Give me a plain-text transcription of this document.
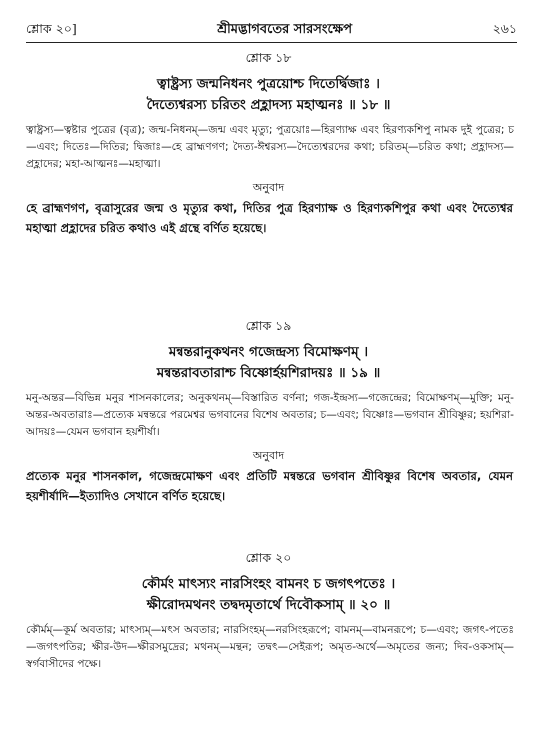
শ্লোক ২০]	শ্রীমদ্ভাগবতের সারসংক্ষেপ	২৬১
শ্লোক ১৮
ত্বাষ্ট্রস্য জন্মনিধনং পুত্রয়োশ্চ দিতের্দ্বিজাঃ ।
দৈত্যেশ্বরস্য চরিতং প্রহ্লাদস্য মহাত্মনঃ ॥ ১৮ ॥
ত্বাষ্ট্রস্য—ত্বষ্টার পুত্রের (বৃত্র); জন্ম-নিধনম্—জন্ম এবং মৃত্যু; পুত্রয়োঃ—হিরণ্যাক্ষ এবং হিরণ্যকশিপু নামক দুই পুত্রের; চ—এবং; দিতেঃ—দিতির; দ্বিজাঃ—হে ব্রাহ্মণগণ; দৈত্য-ঈশ্বরস্য—দৈত্যেশ্বরদের কথা; চরিতম্—চরিত কথা; প্রহ্লাদস্য—প্রহ্লাদের; মহা-আত্মনঃ—মহাত্মা।
অনুবাদ
হে ব্রাহ্মণগণ, বৃত্রাসুরের জন্ম ও মৃত্যুর কথা, দিতির পুত্র হিরণ্যাক্ষ ও হিরণ্যকশিপুর কথা এবং দৈত্যেশ্বর মহাত্মা প্রহ্লাদের চরিত কথাও এই গ্রন্থে বর্ণিত হয়েছে।
শ্লোক ১৯
মন্বন্তরানুকথনং গজেন্দ্রস্য বিমোক্ষণম্ ।
মন্বন্তরাবতারাশ্চ বিষ্ণোর্হয়শিরাদয়ঃ ॥ ১৯ ॥
মনু-অন্তর—বিভিন্ন মনুর শাসনকালের; অনুকথনম্—বিস্তারিত বর্ণনা; গজ-ইন্দ্রস্য—গজেন্দ্রের; বিমোক্ষণম্—মুক্তি; মনু-অন্তর-অবতারাঃ—প্রত্যেক মন্বন্তরে পরমেশ্বর ভগবানের বিশেষ অবতার; চ—এবং; বিষ্ণোঃ—ভগবান শ্রীবিষ্ণুর; হয়শিরা-আদয়ঃ—যেমন ভগবান হয়শীর্ষা।
অনুবাদ
প্রত্যেক মনুর শাসনকাল, গজেন্দ্রমোক্ষণ এবং প্রতিটি মন্বন্তরে ভগবান শ্রীবিষ্ণুর বিশেষ অবতার, যেমন হয়শীর্ষাদি—ইত্যাদিও সেখানে বর্ণিত হয়েছে।
শ্লোক ২০
কৌর্মং মাৎস্যং নারসিংহং বামনং চ জগৎপতেঃ ।
ক্ষীরোদমথনং তদ্বদমৃতার্থে দিবৌকসাম্ ॥ ২০ ॥
কৌর্মম্—কূর্ম অবতার; মাৎস্যম্—মৎস অবতার; নারসিংহম্—নরসিংহরূপে; বামনম্—বামনরূপে; চ—এবং; জগৎ-পতেঃ—জগৎপতির; ক্ষীর-উদ—ক্ষীরসমুদ্রের; মথনম্—মন্থন; তদ্বৎ—সেইরূপ; অমৃত-অর্থে—অমৃতের জন্য; দিব-ওকসাম্—স্বর্গবাসীদের পক্ষে।
